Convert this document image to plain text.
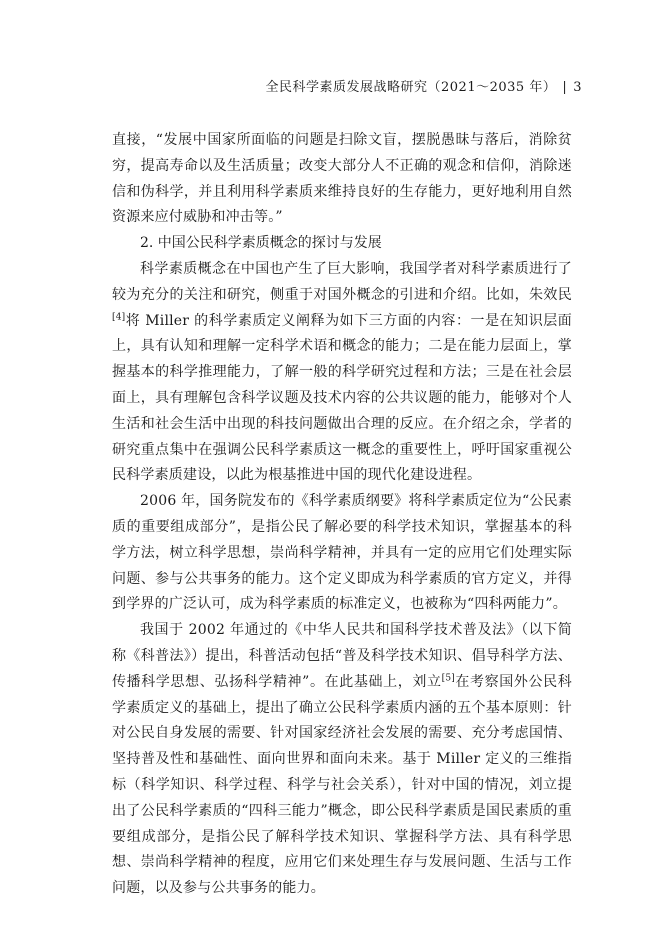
全民科学素质发展战略研究（2021～2035 年） | 3

直接，“发展中国家所面临的问题是扫除文盲，摆脱愚昧与落后，消除贫穷，提高寿命以及生活质量；改变大部分人不正确的观念和信仰，消除迷信和伪科学，并且利用科学素质来维持良好的生存能力，更好地利用自然资源来应付威胁和冲击等。”

2. 中国公民科学素质概念的探讨与发展

科学素质概念在中国也产生了巨大影响，我国学者对科学素质进行了较为充分的关注和研究，侧重于对国外概念的引进和介绍。比如，朱效民[4]将 Miller 的科学素质定义阐释为如下三方面的内容：一是在知识层面上，具有认知和理解一定科学术语和概念的能力；二是在能力层面上，掌握基本的科学推理能力，了解一般的科学研究过程和方法；三是在社会层面上，具有理解包含科学议题及技术内容的公共议题的能力，能够对个人生活和社会生活中出现的科技问题做出合理的反应。在介绍之余，学者的研究重点集中在强调公民科学素质这一概念的重要性上，呼吁国家重视公民科学素质建设，以此为根基推进中国的现代化建设进程。

2006 年，国务院发布的《科学素质纲要》将科学素质定位为“公民素质的重要组成部分”，是指公民了解必要的科学技术知识，掌握基本的科学方法，树立科学思想，崇尚科学精神，并具有一定的应用它们处理实际问题、参与公共事务的能力。这个定义即成为科学素质的官方定义，并得到学界的广泛认可，成为科学素质的标准定义，也被称为“四科两能力”。

我国于 2002 年通过的《中华人民共和国科学技术普及法》（以下简称《科普法》）提出，科普活动包括“普及科学技术知识、倡导科学方法、传播科学思想、弘扬科学精神”。在此基础上，刘立[5]在考察国外公民科学素质定义的基础上，提出了确立公民科学素质内涵的五个基本原则：针对公民自身发展的需要、针对国家经济社会发展的需要、充分考虑国情、坚持普及性和基础性、面向世界和面向未来。基于 Miller 定义的三维指标（科学知识、科学过程、科学与社会关系），针对中国的情况，刘立提出了公民科学素质的“四科三能力”概念，即公民科学素质是国民素质的重要组成部分，是指公民了解科学技术知识、掌握科学方法、具有科学思想、崇尚科学精神的程度，应用它们来处理生存与发展问题、生活与工作问题，以及参与公共事务的能力。
